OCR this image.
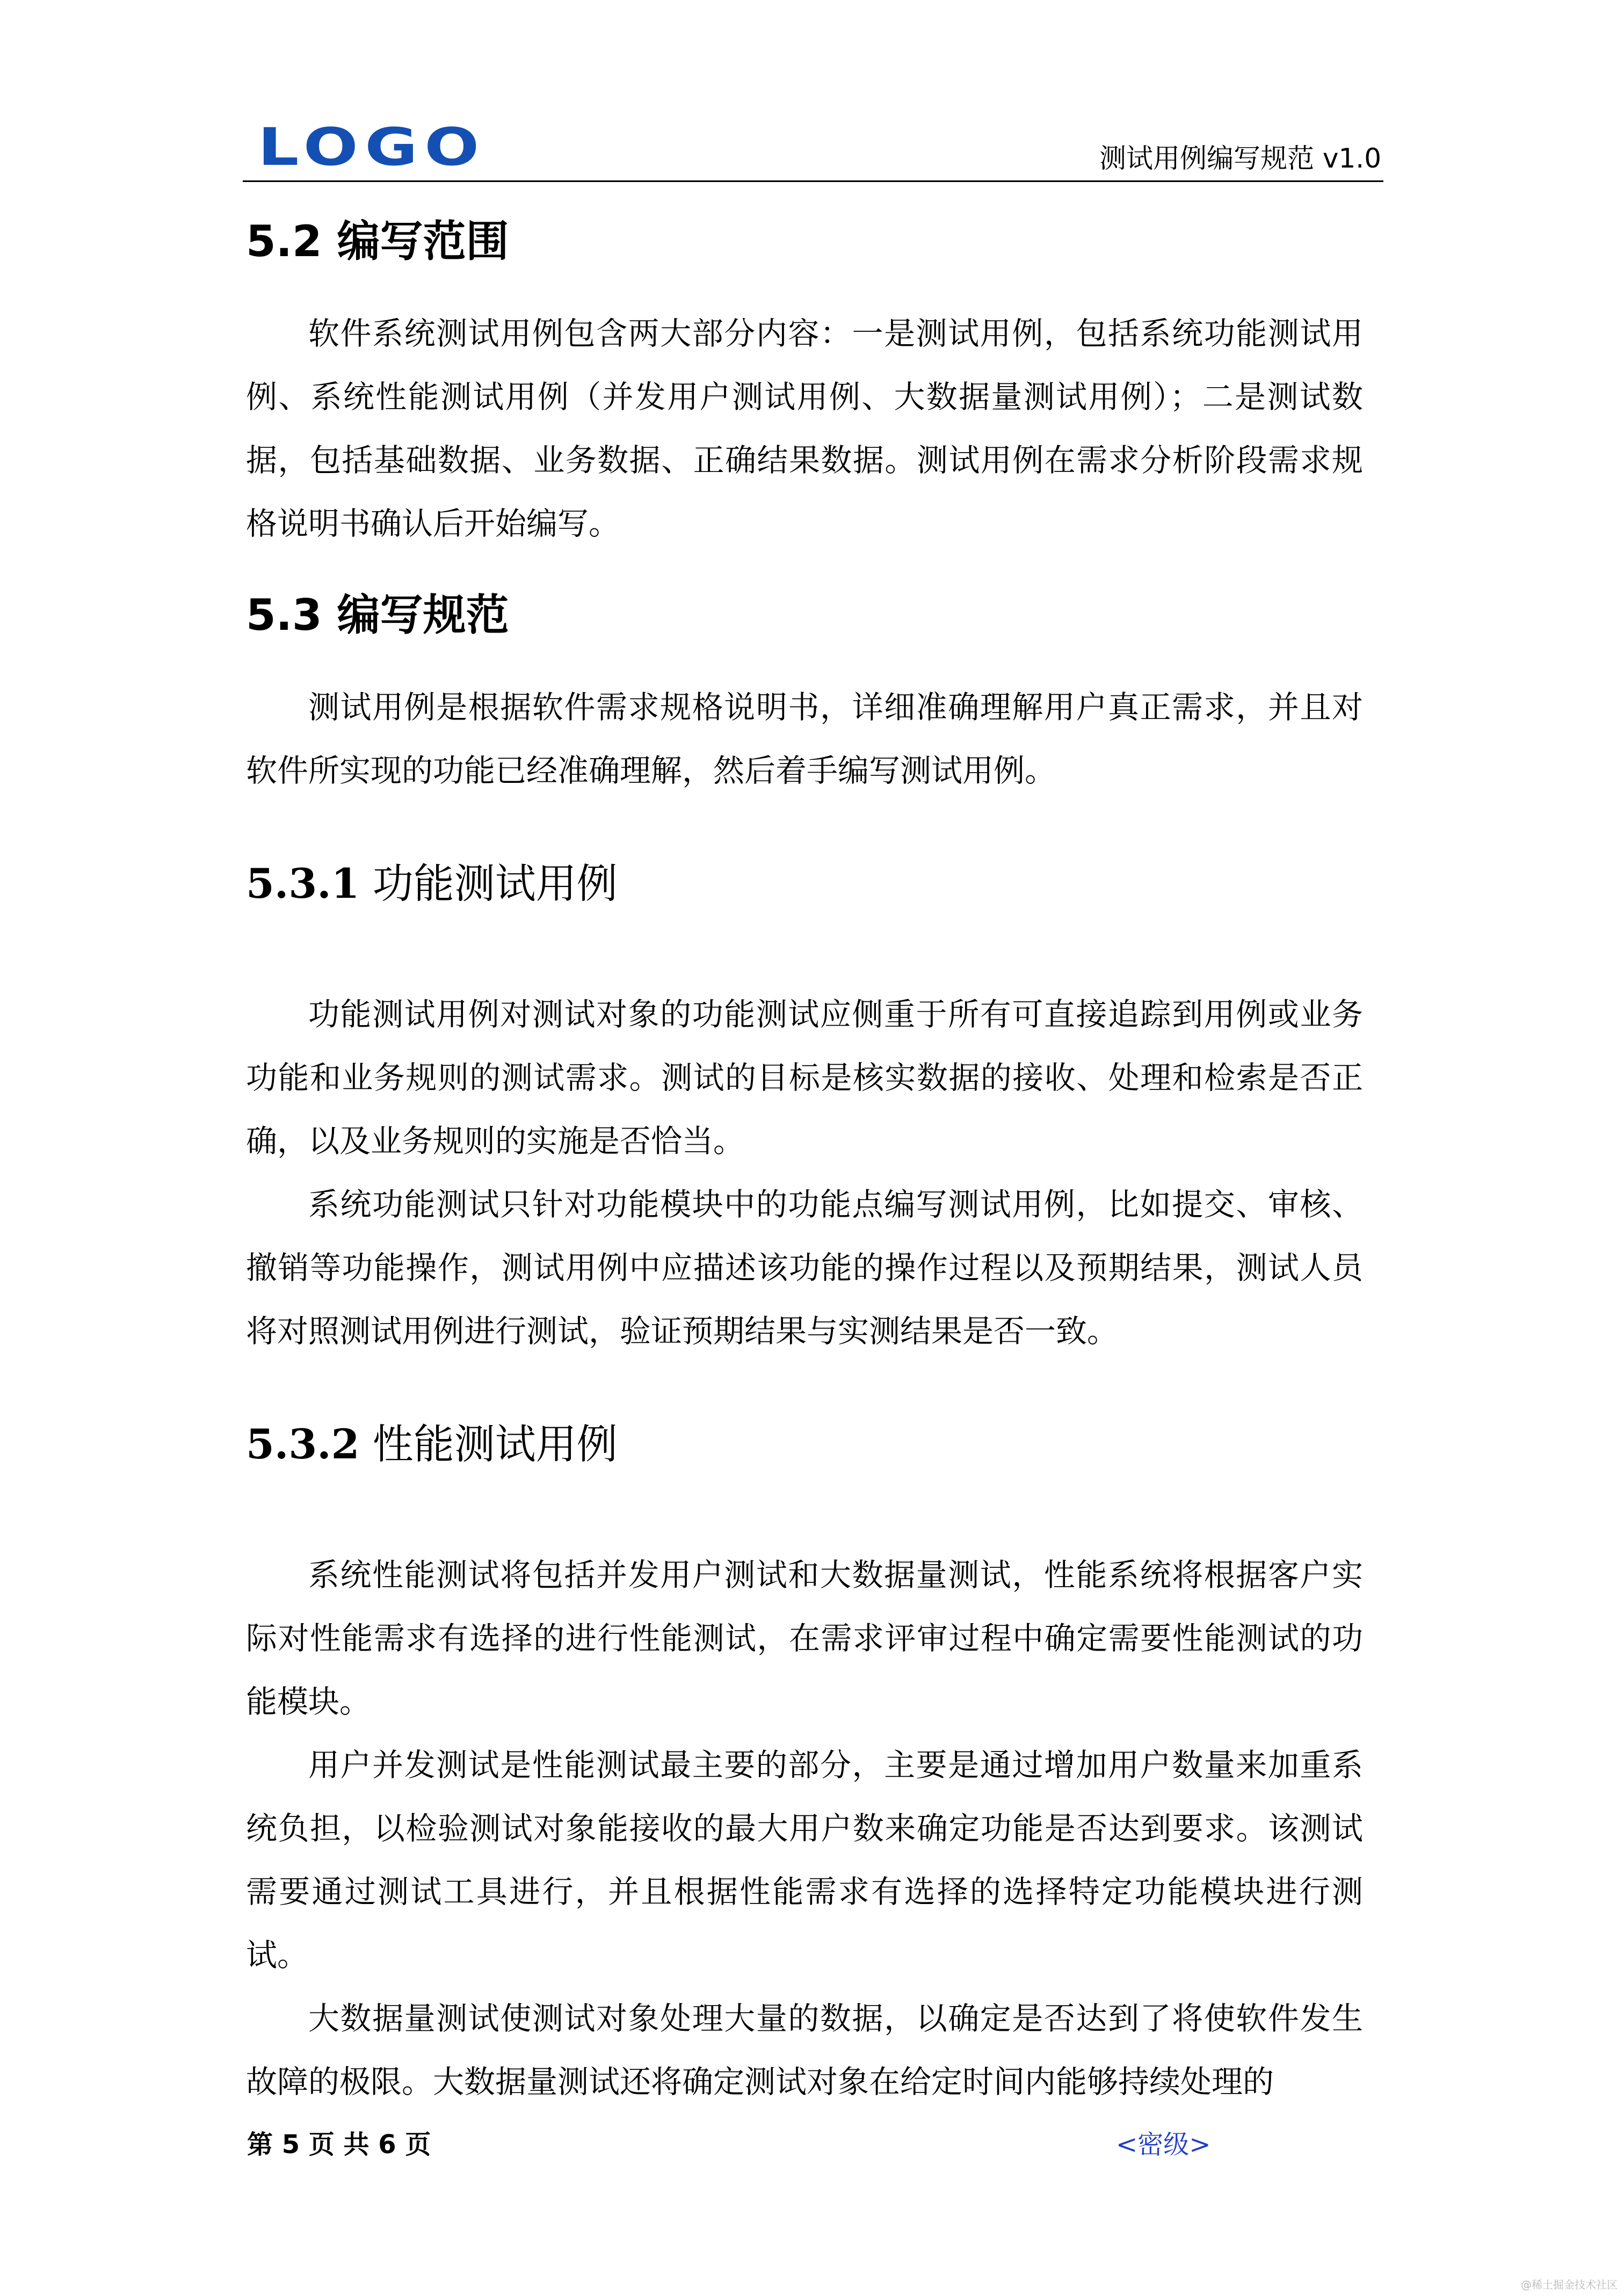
LOGO	测试用例编写规范 v1.0
5.2 编写范围

软件系统测试用例包含两大部分内容：一是测试用例，包括系统功能测试用例、系统性能测试用例（并发用户测试用例、大数据量测试用例）；二是测试数据，包括基础数据、业务数据、正确结果数据。测试用例在需求分析阶段需求规格说明书确认后开始编写。

5.3 编写规范

测试用例是根据软件需求规格说明书，详细准确理解用户真正需求，并且对软件所实现的功能已经准确理解，然后着手编写测试用例。

5.3.1 功能测试用例

功能测试用例对测试对象的功能测试应侧重于所有可直接追踪到用例或业务功能和业务规则的测试需求。测试的目标是核实数据的接收、处理和检索是否正确，以及业务规则的实施是否恰当。

系统功能测试只针对功能模块中的功能点编写测试用例，比如提交、审核、撤销等功能操作，测试用例中应描述该功能的操作过程以及预期结果，测试人员将对照测试用例进行测试，验证预期结果与实测结果是否一致。

5.3.2 性能测试用例

系统性能测试将包括并发用户测试和大数据量测试，性能系统将根据客户实际对性能需求有选择的进行性能测试，在需求评审过程中确定需要性能测试的功能模块。

用户并发测试是性能测试最主要的部分，主要是通过增加用户数量来加重系统负担，以检验测试对象能接收的最大用户数来确定功能是否达到要求。该测试需要通过测试工具进行，并且根据性能需求有选择的选择特定功能模块进行测试。

大数据量测试使测试对象处理大量的数据，以确定是否达到了将使软件发生故障的极限。大数据量测试还将确定测试对象在给定时间内能够持续处理的

第 5 页 共 6 页	<密级>
@稀土掘金技术社区
